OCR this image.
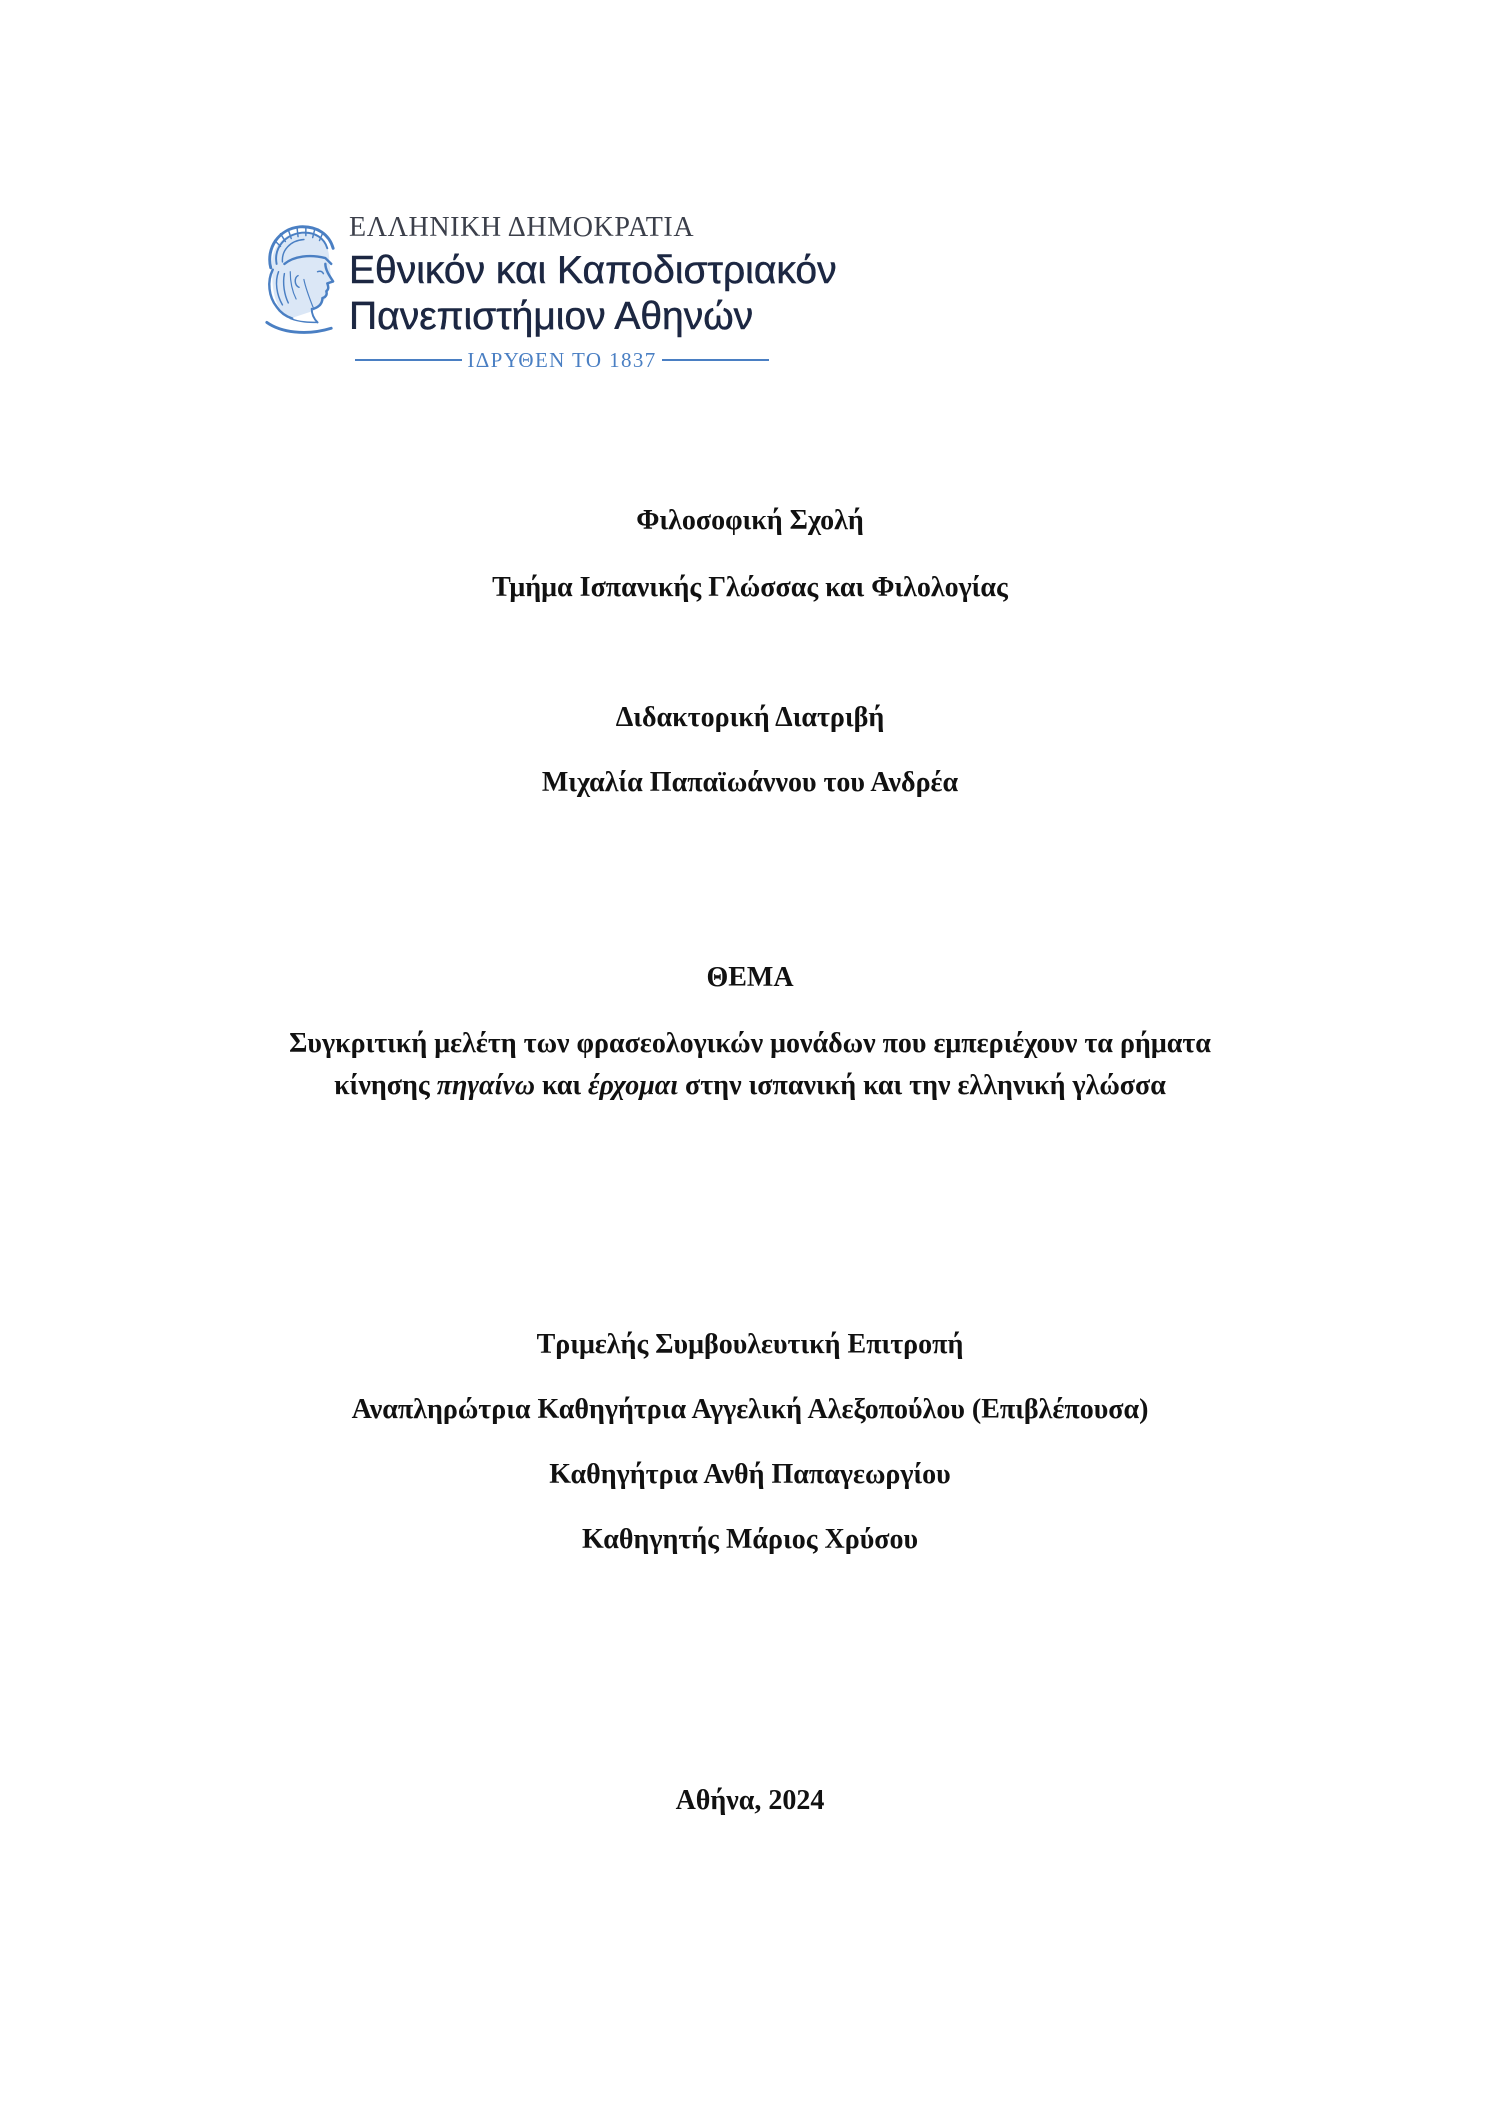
ΕΛΛΗΝΙΚΗ ΔΗΜΟΚΡΑΤΙΑ
Εθνικόν και Καποδιστριακόν
Πανεπιστήμιον Αθηνών
ΙΔΡΥΘΕΝ ΤΟ 1837
Φιλοσοφική Σχολή
Τμήμα Ισπανικής Γλώσσας και Φιλολογίας
Διδακτορική Διατριβή
Μιχαλία Παπαϊωάννου του Ανδρέα
ΘΕΜΑ
Συγκριτική μελέτη των φρασεολογικών μονάδων που εμπεριέχουν τα ρήματα
κίνησης πηγαίνω και έρχομαι στην ισπανική και την ελληνική γλώσσα
Τριμελής Συμβουλευτική Επιτροπή
Αναπληρώτρια Καθηγήτρια Αγγελική Αλεξοπούλου (Επιβλέπουσα)
Καθηγήτρια Ανθή Παπαγεωργίου
Καθηγητής Μάριος Χρύσου
Αθήνα, 2024
